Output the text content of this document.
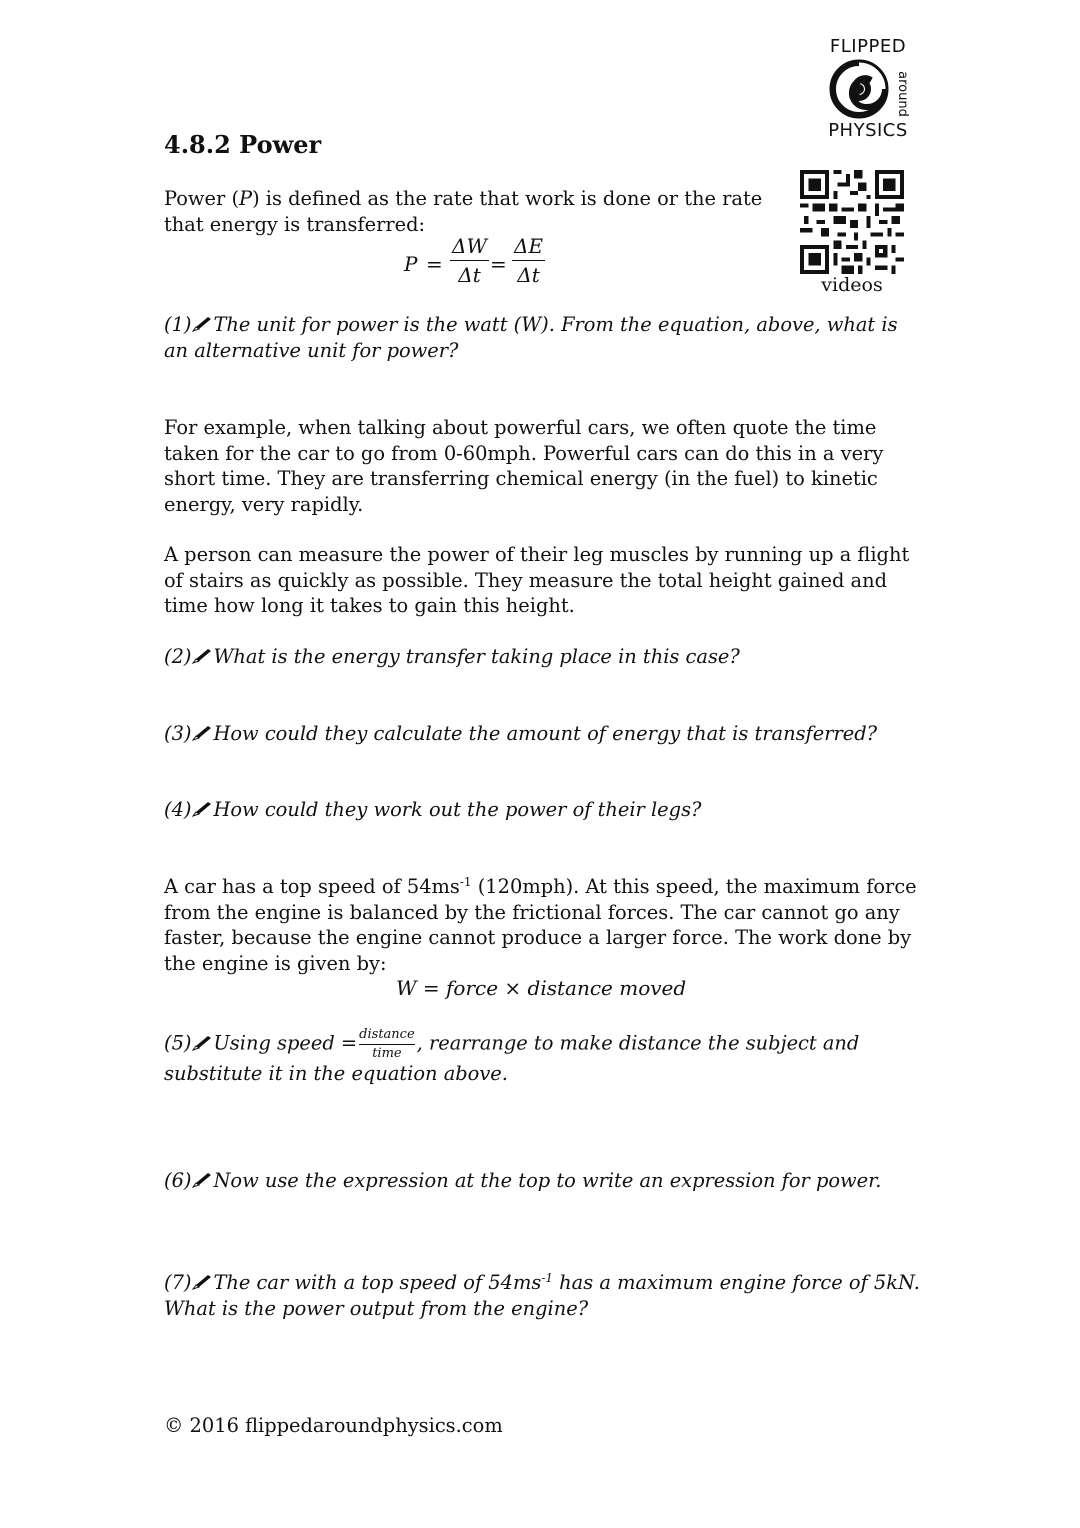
FLIPPED
around
PHYSICS
videos
4.8.2 Power

Power (P) is defined as the rate that work is done or the rate that energy is transferred:

P =
ΔW
Δt =
ΔE
Δt

(1) The unit for power is the watt (W). From the equation, above, what is an alternative unit for power?

For example, when talking about powerful cars, we often quote the time taken for the car to go from 0-60mph. Powerful cars can do this in a very short time. They are transferring chemical energy (in the fuel) to kinetic energy, very rapidly.

A person can measure the power of their leg muscles by running up a flight of stairs as quickly as possible. They measure the total height gained and time how long it takes to gain this height.

(2) What is the energy transfer taking place in this case?

(3) How could they calculate the amount of energy that is transferred?

(4) How could they work out the power of their legs?

A car has a top speed of $54ms^{-1}$ (120mph). At this speed, the maximum force from the engine is balanced by the frictional forces. The car cannot go any faster, because the engine cannot produce a larger force. The work done by the engine is given by:

W = force × distance moved

(5) Using speed = $\frac{\text{distance}}{\text{time}}$ , rearrange to make distance the subject and substitute it in the equation above.

(6) Now use the expression at the top to write an expression for power.

(7) The car with a top speed of $54ms^{-1}$ has a maximum engine force of 5kN. What is the power output from the engine?

© 2016 flippedaroundphysics.com
